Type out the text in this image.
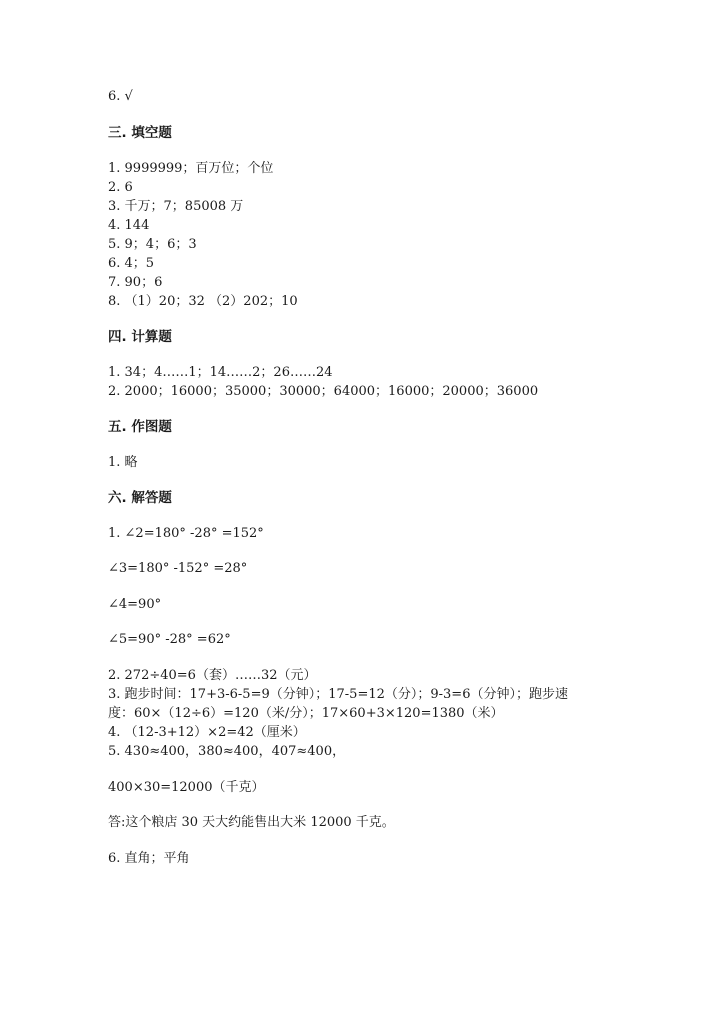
6. √
三. 填空题
1. 9999999；百万位；个位
2. 6
3. 千万；7；85008 万
4. 144
5. 9；4；6；3
6. 4；5
7. 90；6
8. （1）20；32 （2）202；10
四. 计算题
1. 34；4……1；14……2；26……24
2. 2000；16000；35000；30000；64000；16000；20000；36000
五. 作图题
1. 略
六. 解答题
1. ∠2=180° -28° =152°
∠3=180° -152° =28°
∠4=90°
∠5=90° -28° =62°
2. 272÷40=6（套）……32（元）
3. 跑步时间：17+3-6-5=9（分钟）；17-5=12（分）；9-3=6（分钟）；跑步速
度：60×（12÷6）=120（米/分）；17×60+3×120=1380（米）
4. （12-3+12）×2=42（厘米）
5. 430≈400，380≈400，407≈400，
400×30=12000（千克）
答:这个粮店 30 天大约能售出大米 12000 千克。
6. 直角；平角
